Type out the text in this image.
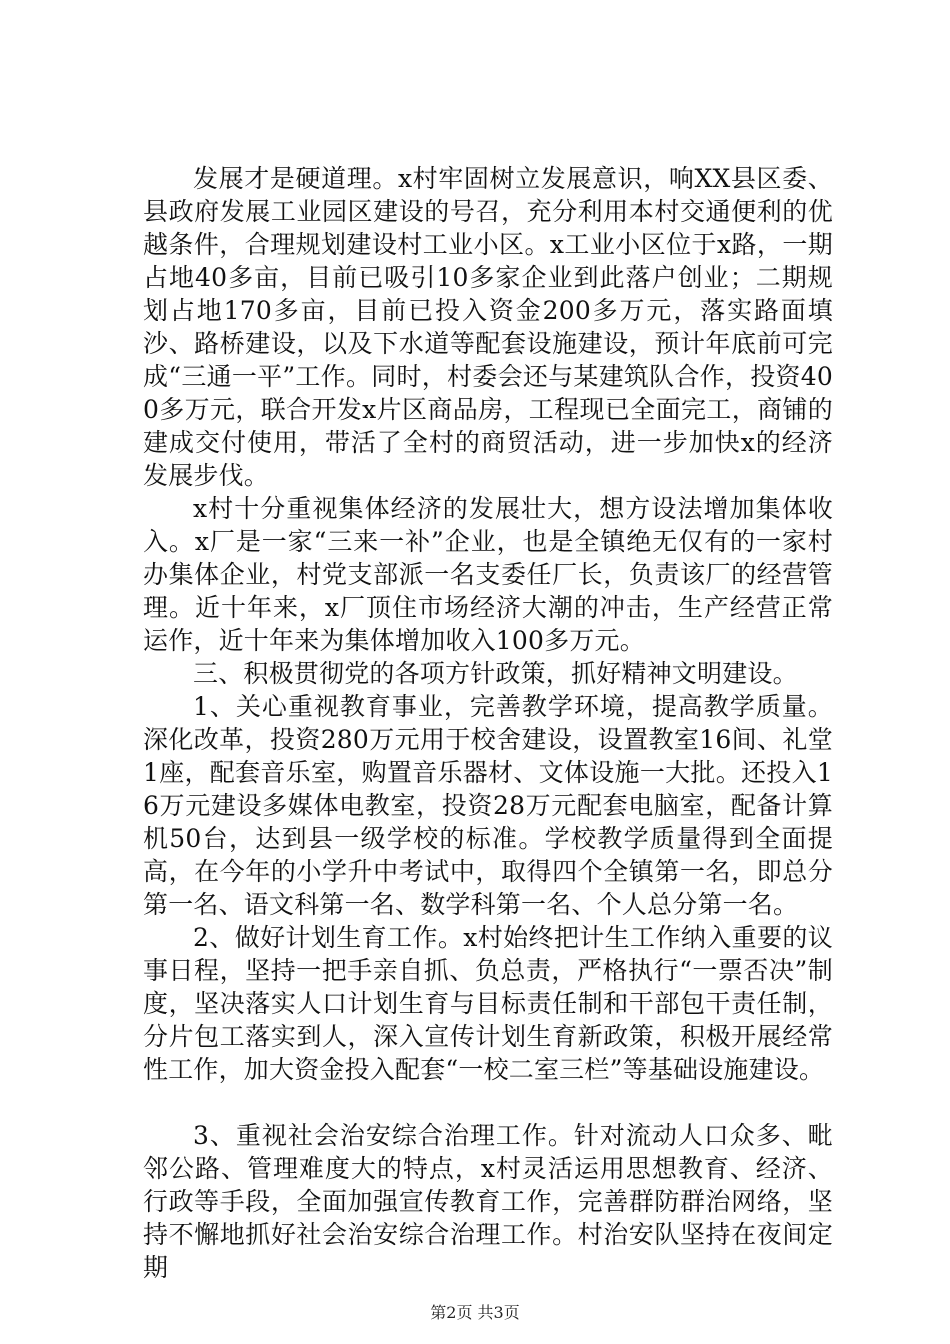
发展才是硬道理。x村牢固树立发展意识，响XX县区委、县政府发展工业园区建设的号召，充分利用本村交通便利的优越条件，合理规划建设村工业小区。x工业小区位于x路，一期占地40多亩，目前已吸引10多家企业到此落户创业；二期规划占地170多亩，目前已投入资金200多万元，落实路面填沙、路桥建设，以及下水道等配套设施建设，预计年底前可完成“三通一平”工作。同时，村委会还与某建筑队合作，投资400多万元，联合开发x片区商品房，工程现已全面完工，商铺的建成交付使用，带活了全村的商贸活动，进一步加快x的经济发展步伐。

x村十分重视集体经济的发展壮大，想方设法增加集体收入。x厂是一家“三来一补”企业，也是全镇绝无仅有的一家村办集体企业，村党支部派一名支委任厂长，负责该厂的经营管理。近十年来，x厂顶住市场经济大潮的冲击，生产经营正常运作，近十年来为集体增加收入100多万元。

三、积极贯彻党的各项方针政策，抓好精神文明建设。

1、关心重视教育事业，完善教学环境，提高教学质量。深化改革，投资280万元用于校舍建设，设置教室16间、礼堂1座，配套音乐室，购置音乐器材、文体设施一大批。还投入16万元建设多媒体电教室，投资28万元配套电脑室，配备计算机50台，达到县一级学校的标准。学校教学质量得到全面提高，在今年的小学升中考试中，取得四个全镇第一名，即总分第一名、语文科第一名、数学科第一名、个人总分第一名。

2、做好计划生育工作。x村始终把计生工作纳入重要的议事日程，坚持一把手亲自抓、负总责，严格执行“一票否决”制度，坚决落实人口计划生育与目标责任制和干部包干责任制，分片包工落实到人，深入宣传计划生育新政策，积极开展经常性工作，加大资金投入配套“一校二室三栏”等基础设施建设。

3、重视社会治安综合治理工作。针对流动人口众多、毗邻公路、管理难度大的特点，x村灵活运用思想教育、经济、行政等手段，全面加强宣传教育工作，完善群防群治网络，坚持不懈地抓好社会治安综合治理工作。村治安队坚持在夜间定期

第2页 共3页
